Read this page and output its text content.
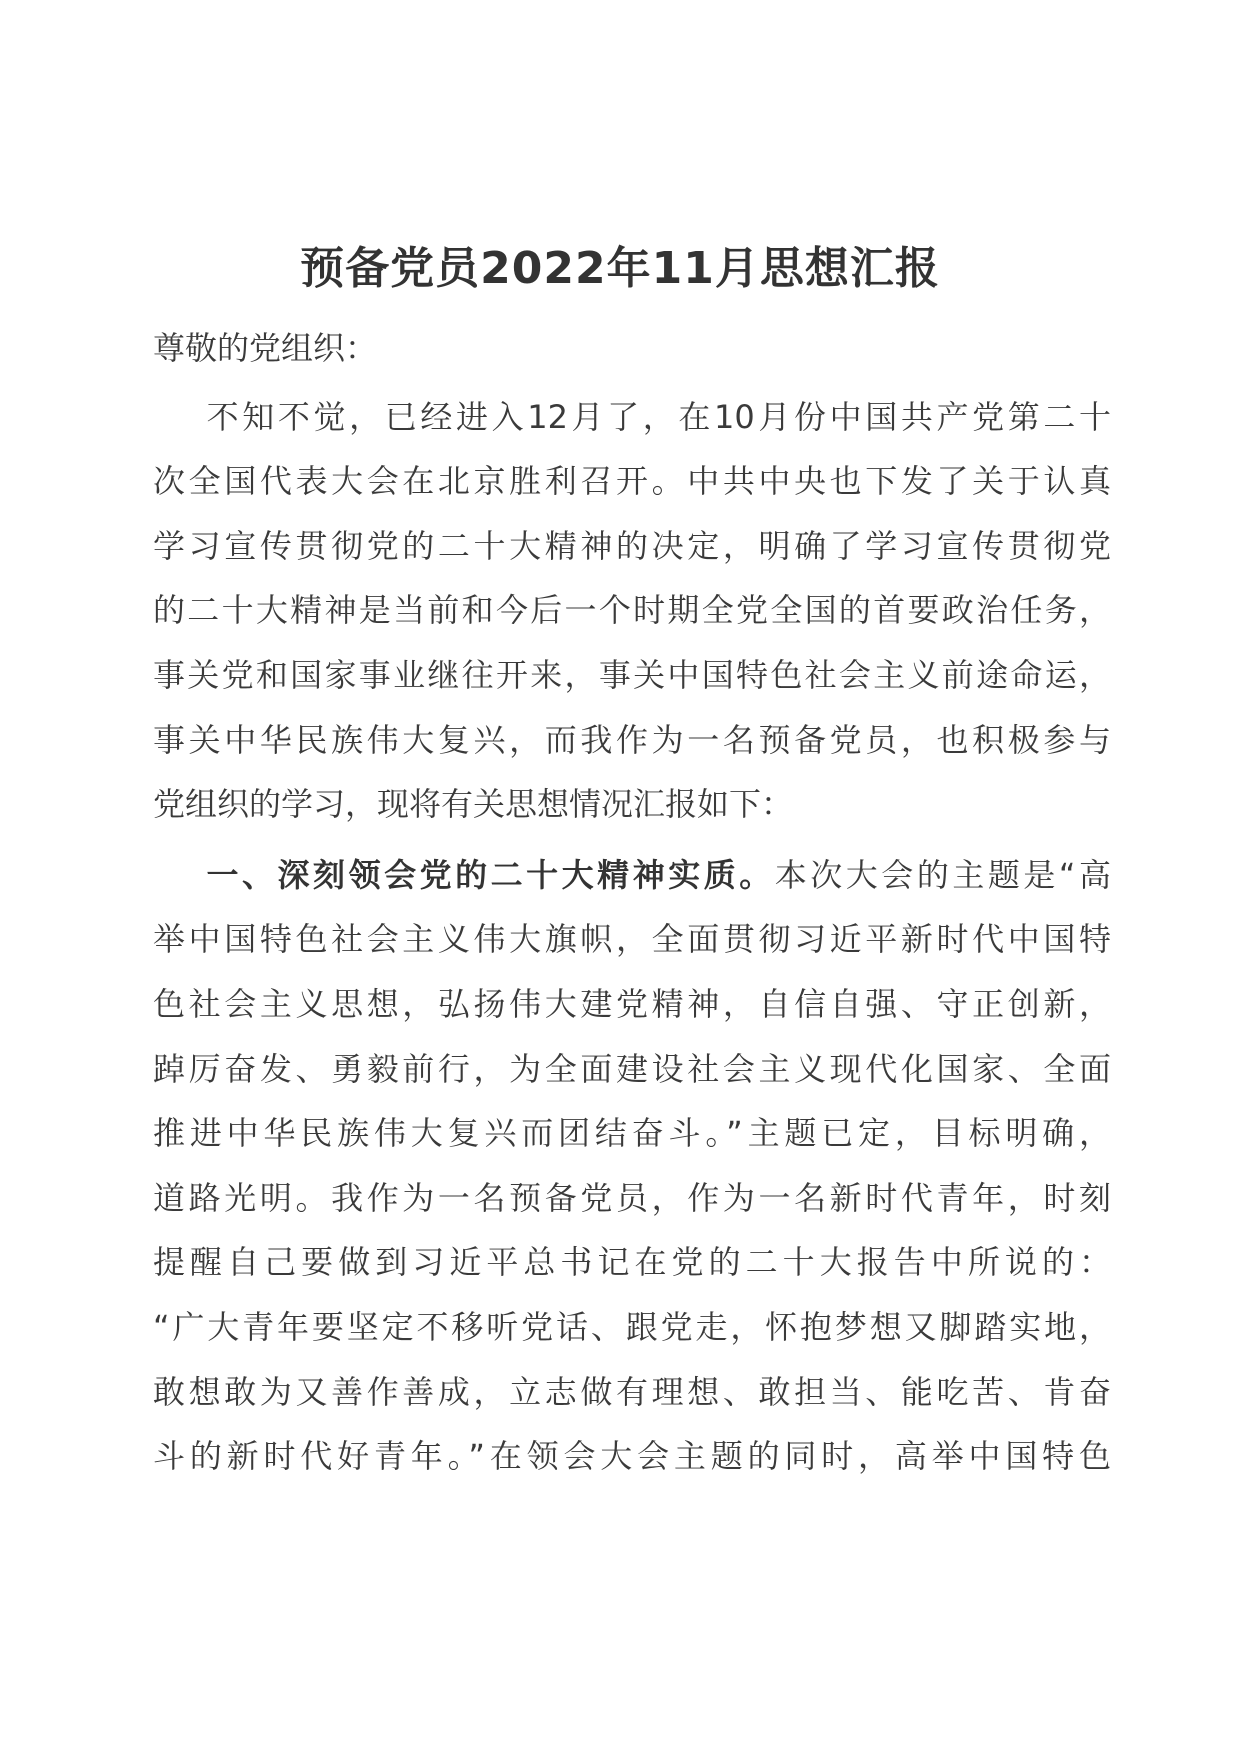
预备党员2022年11月思想汇报
尊敬的党组织：
不知不觉，已经进入12月了，在10月份中国共产党第二十
次全国代表大会在北京胜利召开。中共中央也下发了关于认真
学习宣传贯彻党的二十大精神的决定，明确了学习宣传贯彻党
的二十大精神是当前和今后一个时期全党全国的首要政治任务，
事关党和国家事业继往开来，事关中国特色社会主义前途命运，
事关中华民族伟大复兴，而我作为一名预备党员，也积极参与
党组织的学习，现将有关思想情况汇报如下：
一、深刻领会党的二十大精神实质。本次大会的主题是“高
举中国特色社会主义伟大旗帜，全面贯彻习近平新时代中国特
色社会主义思想，弘扬伟大建党精神，自信自强、守正创新，
踔厉奋发、勇毅前行，为全面建设社会主义现代化国家、全面
推进中华民族伟大复兴而团结奋斗。”主题已定，目标明确，
道路光明。我作为一名预备党员，作为一名新时代青年，时刻
提醒自己要做到习近平总书记在党的二十大报告中所说的：
“广大青年要坚定不移听党话、跟党走，怀抱梦想又脚踏实地，
敢想敢为又善作善成，立志做有理想、敢担当、能吃苦、肯奋
斗的新时代好青年。”在领会大会主题的同时，高举中国特色
